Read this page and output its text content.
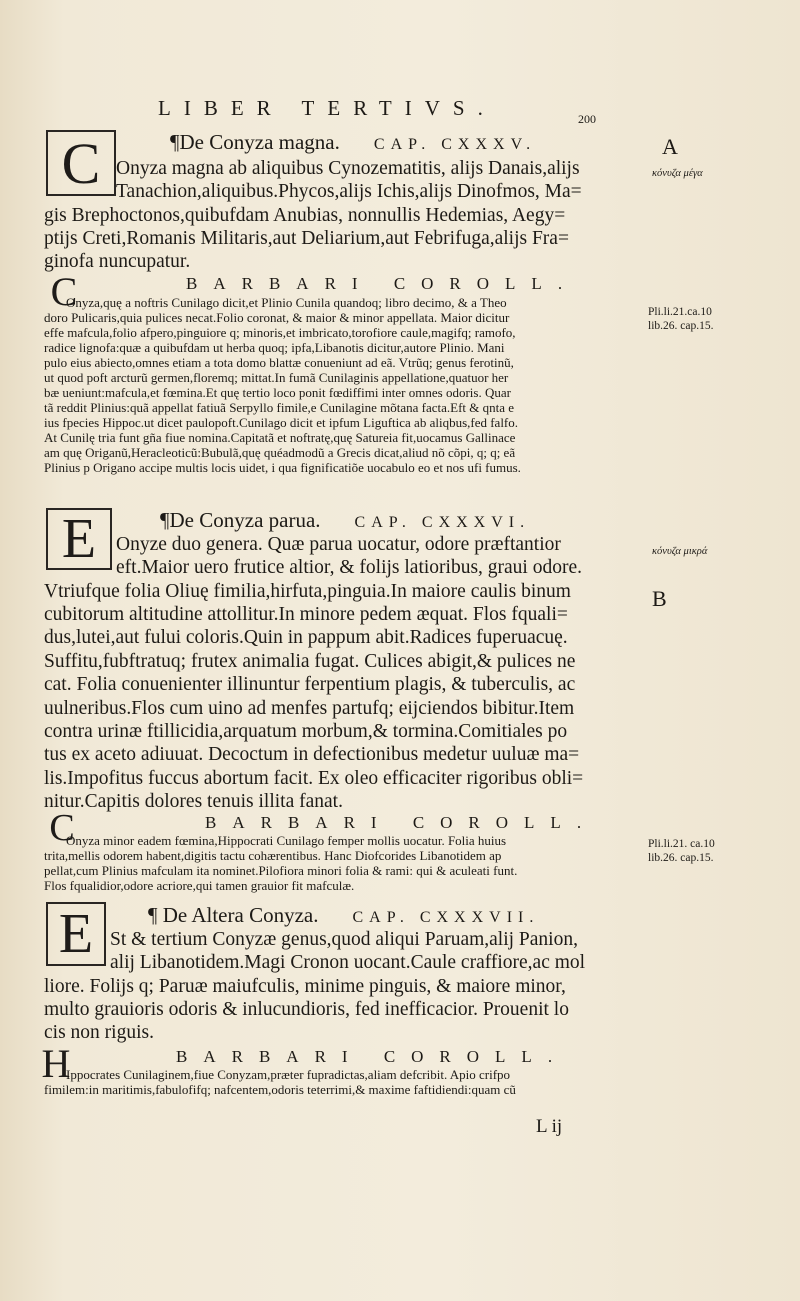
LIBER TERTIVS.	200
C	¶De Conyza magna. CAP. CXXXV.
Onyza magna ab aliquibus Cynozematitis, alijs Danais,alijs
Tanachion,aliquibus.Phycos,alijs Ichis,alijs Dinofmos, Ma=
gis Brephoctonos,quibufdam Anubias, nonnullis Hedemias, Aegy=
ptijs Creti,Romanis Militaris,aut Deliarium,aut Febrifuga,alijs Fra=
ginofa nuncupatur.
C	BARBARI COROLL.
Onyza,quę a noftris Cunilago dicit,et Plinio Cunila quandoq; libro decimo, & a Theo
doro Pulicaris,quia pulices necat.Folio coronat, & maior & minor appellata. Maior dicitur
effe mafcula,folio afpero,pinguiore q; minoris,et imbricato,torofiore caule,magifq; ramofo,
radice lignofa:quæ a quibufdam ut herba quoq; ipfa,Libanotis dicitur,autore Plinio. Mani
pulo eius abiecto,omnes etiam a tota domo blattæ conueniunt ad eã. Vtrũq; genus ferotinũ,
ut quod poft arcturũ germen,floremq; mittat.In fumã Cunilaginis appellatione,quatuor her
bæ ueniunt:mafcula,et fœmina.Et quę tertio loco ponit fœdiffimi inter omnes odoris. Quar
tã reddit Plinius:quã appellat fatiuã Serpyllo fimile,e Cunilagine mõtana facta.Eft & qnta e
ius fpecies Hippoc.ut dicet paulopoft.Cunilago dicit et ipfum Liguftica ab aliqbus,fed falfo.
At Cunilę tria funt gña fiue nomina.Capitatã et noftratę,quę Satureia fit,uocamus Gallinace
am quę Origanũ,Heracleoticũ:Bubulã,quę quéadmodũ a Grecis dicat,aliud nõ cõpi, q; q; eã
Plinius p Origano accipe multis locis uidet, i qua fignificatiõe uocabulo eo et nos ufi fumus.
E	¶De Conyza parua. CAP. CXXXVI.
Onyze duo genera. Quæ parua uocatur, odore præftantior
eft.Maior uero frutice altior, & folijs latioribus, graui odore.
Vtriufque folia Oliuę fimilia,hirfuta,pinguia.In maiore caulis binum
cubitorum altitudine attollitur.In minore pedem æquat. Flos fquali=
dus,lutei,aut fului coloris.Quin in pappum abit.Radices fuperuacuę.
Suffitu,fubftratuq; frutex animalia fugat. Culices abigit,& pulices ne
cat. Folia conuenienter illinuntur ferpentium plagis, & tuberculis, ac
uulneribus.Flos cum uino ad menfes partufq; eijciendos bibitur.Item
contra urinæ ftillicidia,arquatum morbum,& tormina.Comitiales po
tus ex aceto adiuuat. Decoctum in defectionibus medetur uuluæ ma=
lis.Impofitus fuccus abortum facit. Ex oleo efficaciter rigoribus obli=
nitur.Capitis dolores tenuis illita fanat.
C	BARBARI COROLL.
Onyza minor eadem fœmina,Hippocrati Cunilago femper mollis uocatur. Folia huius
trita,mellis odorem habent,digitis tactu cohærentibus. Hanc Diofcorides Libanotidem ap
pellat,cum Plinius mafculam ita nominet.Pilofiora minori folia & rami: qui & aculeati funt.
Flos fqualidior,odore acriore,qui tamen grauior fit mafculæ.
E	¶ De Altera Conyza. CAP. CXXXVII.
St & tertium Conyzæ genus,quod aliqui Paruam,alij Panion,
alij Libanotidem.Magi Cronon uocant.Caule craffiore,ac mol
liore. Folijs q; Paruæ maiufculis, minime pinguis, & maiore minor,
multo grauioris odoris & inlucundioris, fed inefficacior. Prouenit lo
cis non riguis.
H	BARBARI COROLL.
Ippocrates Cunilaginem,fiue Conyzam,præter fupradictas,aliam defcribit. Apio crifpo
fimilem:in maritimis,fabulofifq; nafcentem,odoris teterrimi,& maxime faftidiendi:quam cũ
L ij
A
κόνυζα μέγα
Pli.li.21.ca.10
lib.26. cap.15.
κόνυζα μικρά
B
Pli.li.21. ca.10
lib.26. cap.15.
